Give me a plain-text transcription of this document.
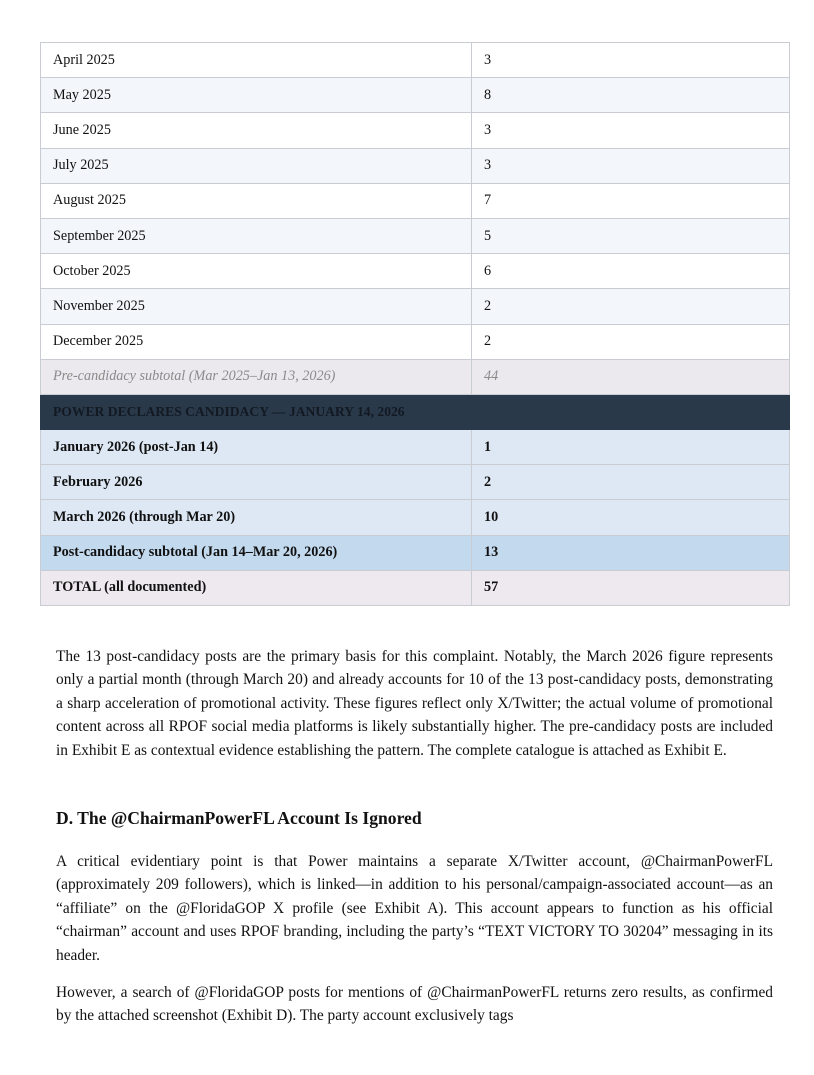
April 2025	3
May 2025	8
June 2025	3
July 2025	3
August 2025	7
September 2025	5
October 2025	6
November 2025	2
December 2025	2
Pre-candidacy subtotal (Mar 2025–Jan 13, 2026)	44
POWER DECLARES CANDIDACY — JANUARY 14, 2026	
January 2026 (post-Jan 14)	1
February 2026	2
March 2026 (through Mar 20)	10
Post-candidacy subtotal (Jan 14–Mar 20, 2026)	13
TOTAL (all documented)	57

The 13 post-candidacy posts are the primary basis for this complaint. Notably, the March 2026 figure represents only a partial month (through March 20) and already accounts for 10 of the 13 post-candidacy posts, demonstrating a sharp acceleration of promotional activity. These figures reflect only X/Twitter; the actual volume of promotional content across all RPOF social media platforms is likely substantially higher. The pre-candidacy posts are included in Exhibit E as contextual evidence establishing the pattern. The complete catalogue is attached as Exhibit E.

D. The @ChairmanPowerFL Account Is Ignored

A critical evidentiary point is that Power maintains a separate X/Twitter account, @ChairmanPowerFL (approximately 209 followers), which is linked—in addition to his personal/campaign-associated account—as an “affiliate” on the @FloridaGOP X profile (see Exhibit A). This account appears to function as his official “chairman” account and uses RPOF branding, including the party’s “TEXT VICTORY TO 30204” messaging in its header.

However, a search of @FloridaGOP posts for mentions of @ChairmanPowerFL returns zero results, as confirmed by the attached screenshot (Exhibit D). The party account exclusively tags
